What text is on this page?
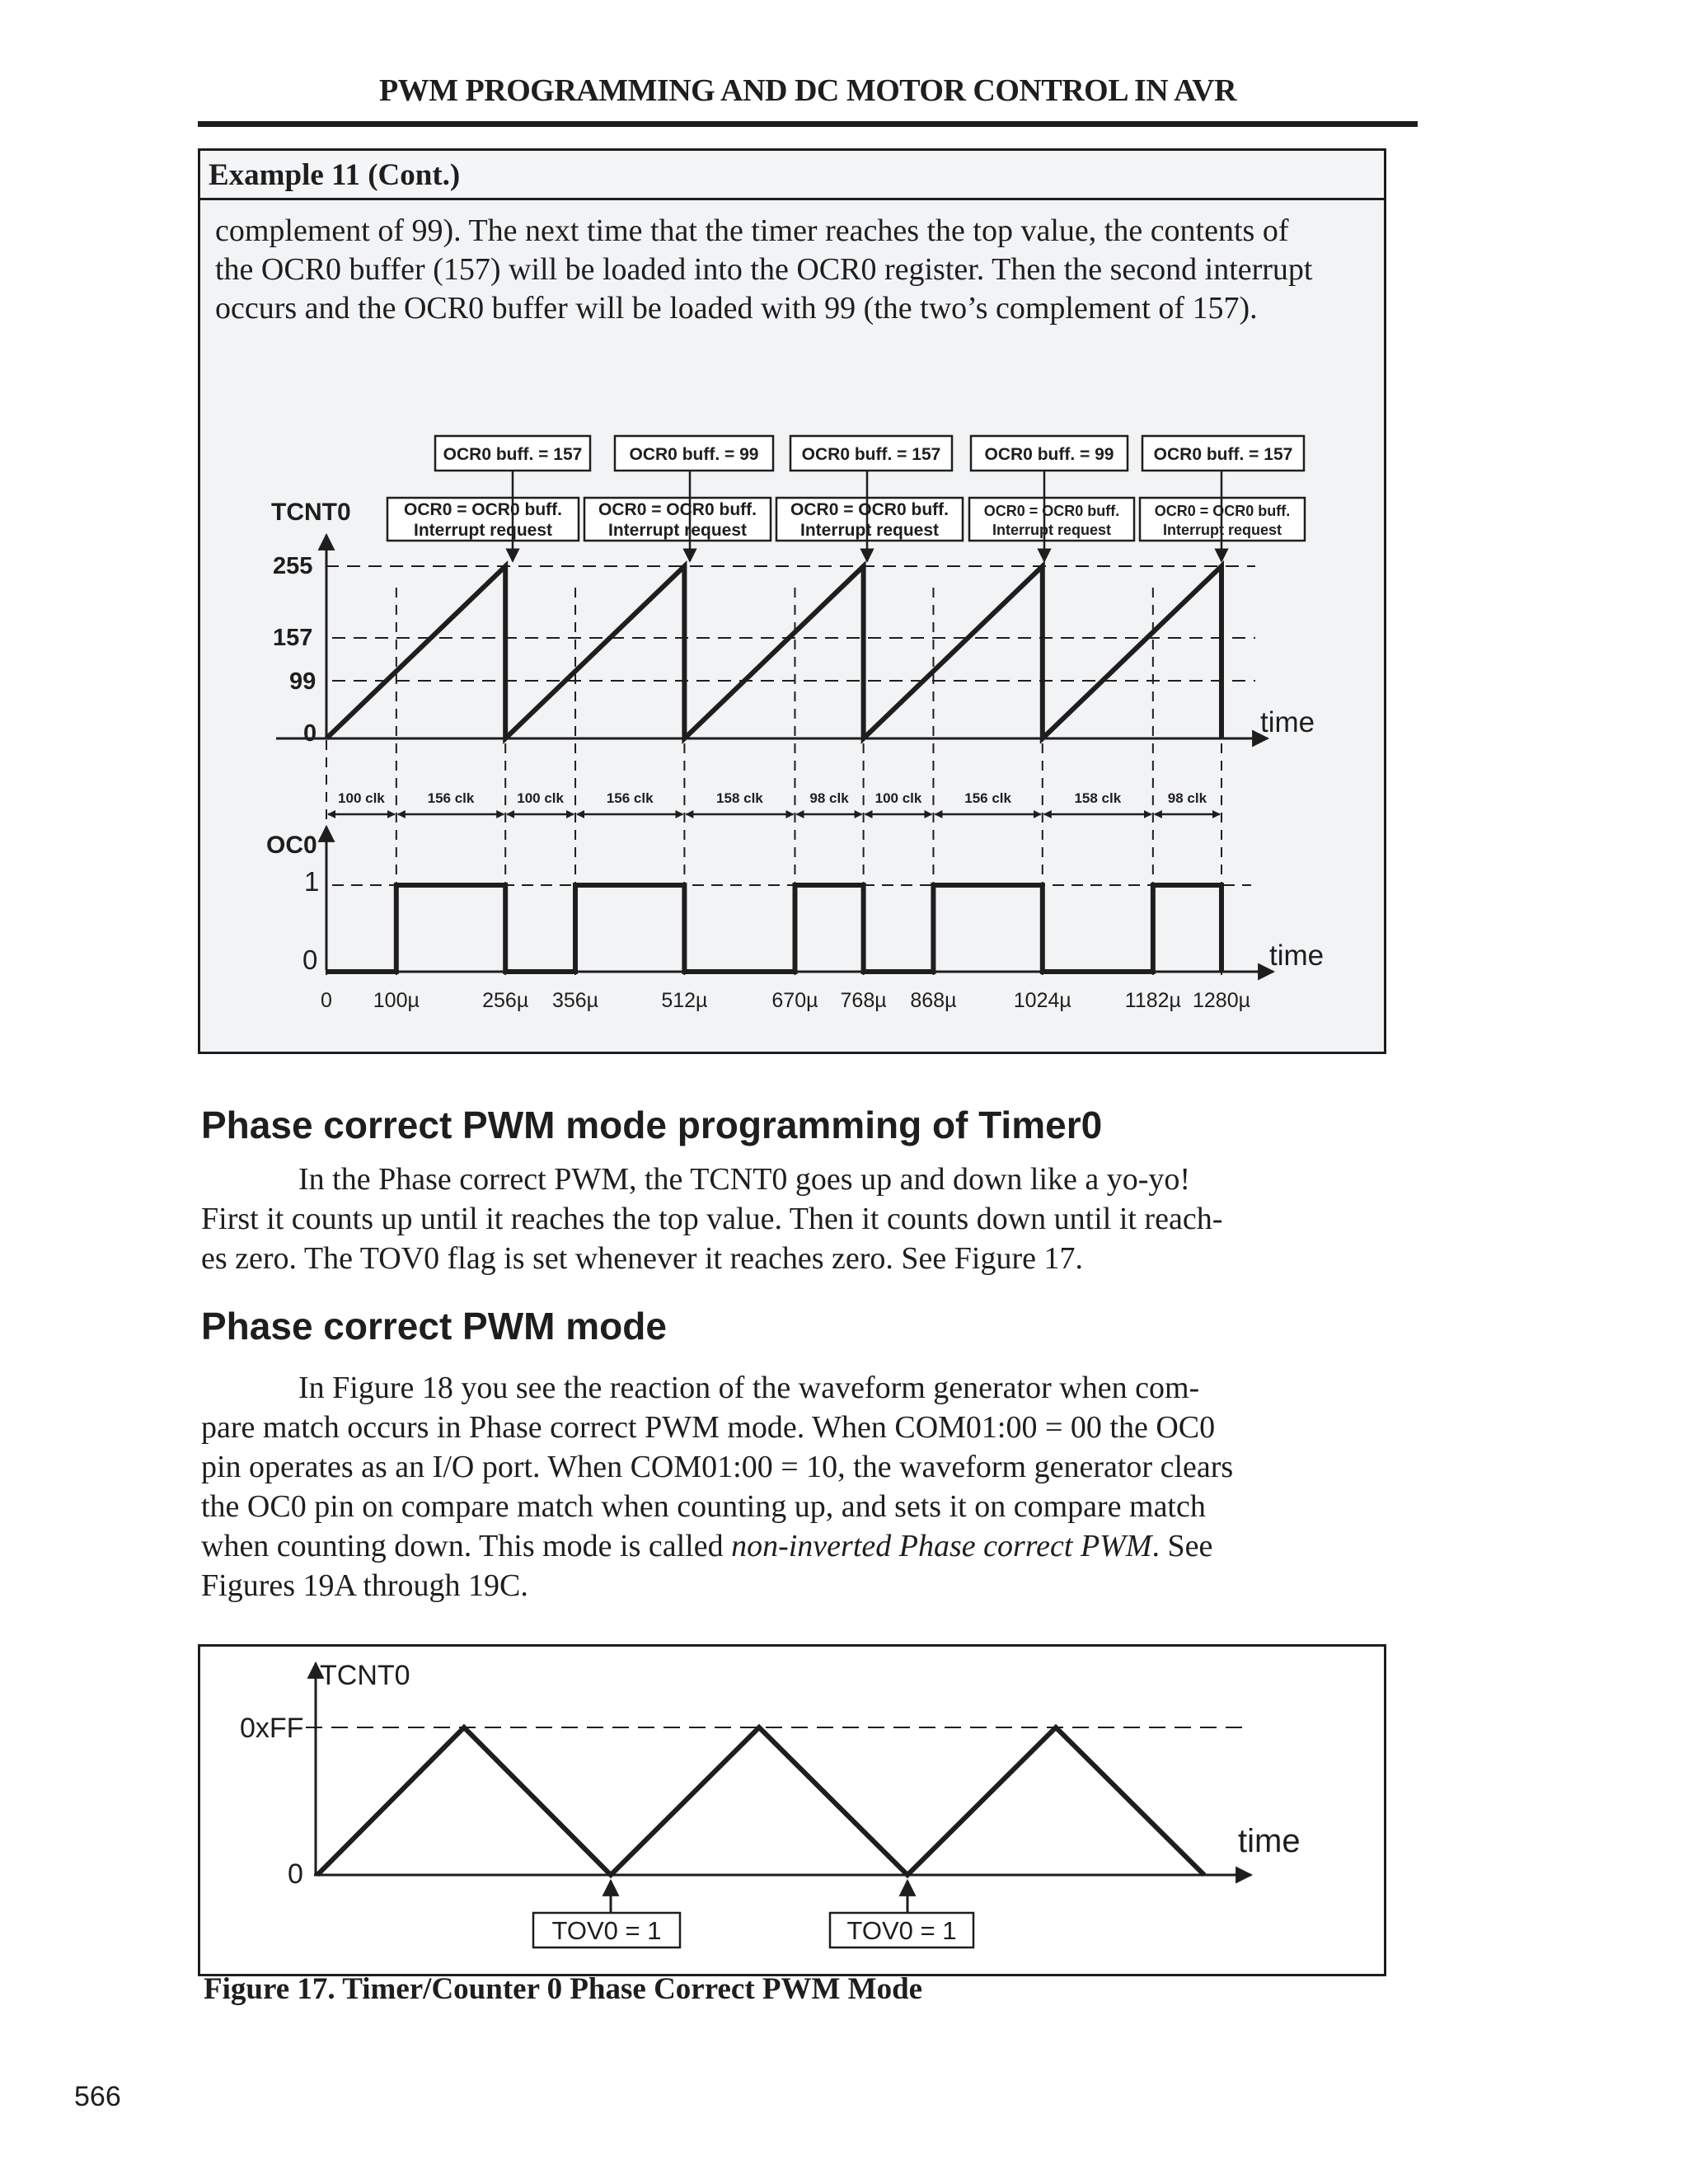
PWM PROGRAMMING AND DC MOTOR CONTROL IN AVR
Example 11 (Cont.)

complement of 99). The next time that the timer reaches the top value, the contents of

the OCR0 buffer (157) will be loaded into the OCR0 register. Then the second interrupt

occurs and the OCR0 buffer will be loaded with 99 (the two’s complement of 157).

OCR0 buff. = 157	OCR0 buff. = 99 OCR0 buff. = 157	OCR0 buff. = 99 OCR0 buff. = 157
OCR0 = OCR0 buff.
Interrupt request
OCR0 = OCR0 buff.
Interrupt request
OCR0 = OCR0 buff.
Interrupt request
OCR0 = OCR0 buff.
Interrupt request
OCR0 = OCR0 buff.
Interrupt request
TCNT0
255
157
99
0	time
100 clk	156 clk	100 clk	156 clk	158 clk	98 clk 100 clk	156 clk	158 clk	98 clk
OC0
1
0	time
0 100µ	256µ 356µ	512µ	670µ 768µ 868µ	1024µ	1182µ 1280µ
Phase correct PWM mode programming of Timer0
In the Phase correct PWM, the TCNT0 goes up and down like a yo-yo!
First it counts up until it reaches the top value. Then it counts down until it reach-
es zero. The TOV0 flag is set whenever it reaches zero. See Figure 17.
Phase correct PWM mode
In Figure 18 you see the reaction of the waveform generator when com-
pare match occurs in Phase correct PWM mode. When COM01:00 = 00 the OC0
pin operates as an I/O port. When COM01:00 = 10, the waveform generator clears
the OC0 pin on compare match when counting up, and sets it on compare match
when counting down. This mode is called non-inverted Phase correct PWM. See
Figures 19A through 19C.
TCNT0
0xFF
0
time
TOV0 = 1	TOV0 = 1
Figure 17. Timer/Counter 0 Phase Correct PWM Mode
566
